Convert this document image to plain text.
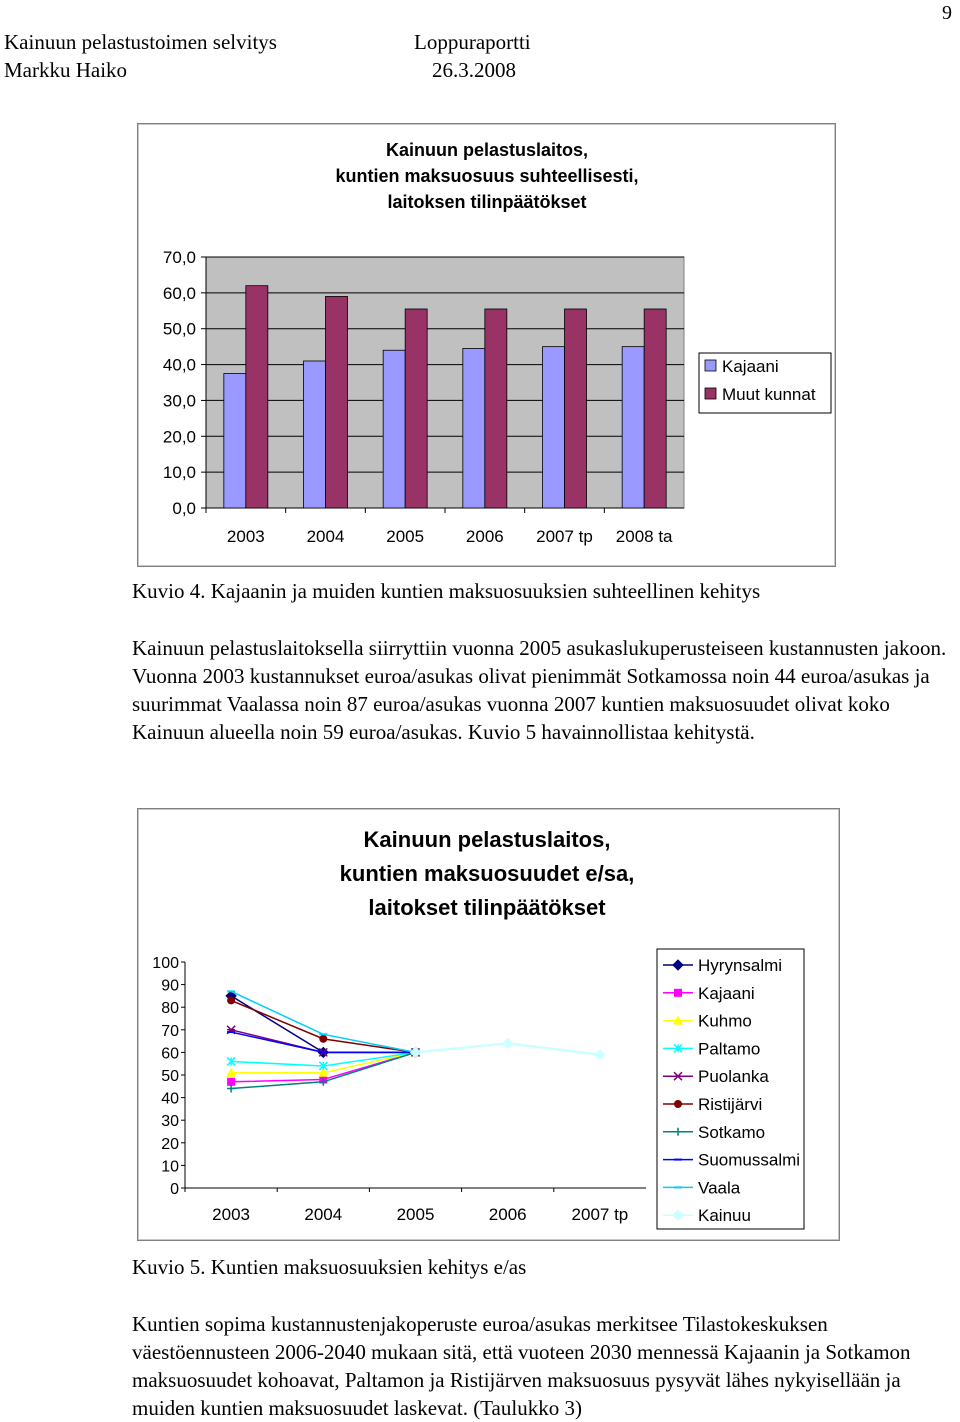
Kainuun pelastustoimen selvitys	Loppuraportti
Markku Haiko	26.3.2008
9
Kainuun pelastuslaitos,
kuntien maksuosuus suhteellisesti,
laitoksen tilinpäätökset
0,0
10,0
20,0
30,0
40,0
50,0
60,0
70,0
2003 2004 2005 2006 2007 tp 2008 ta
Kajaani
Muut kunnat
Kuvio 4. Kajaanin ja muiden kuntien maksuosuuksien suhteellinen kehitys
Kainuun pelastuslaitoksella siirryttiin vuonna 2005 asukaslukuperusteiseen kustannusten jakoon. Vuonna 2003 kustannukset euroa/asukas olivat pienimmät Sotkamossa noin 44 euroa/asukas ja suurimmat Vaalassa noin 87 euroa/asukas vuonna 2007 kuntien maksuosuudet olivat koko Kainuun alueella noin 59 euroa/asukas. Kuvio 5 havainnollistaa kehitystä.
Kainuun pelastuslaitos,
kuntien maksuosuudet e/sa,
laitokset tilinpäätökset
0
10
20
30
40
50
60
70
80
90
100
2003	2004	2005	2006	2007 tp
Hyrynsalmi
Kajaani
Kuhmo
Paltamo
Puolanka
Ristijärvi
Sotkamo
Suomussalmi
Vaala
Kainuu
Kuvio 5. Kuntien maksuosuuksien kehitys e/as
Kuntien sopima kustannustenjakoperuste euroa/asukas merkitsee Tilastokeskuksen väestöennusteen 2006-2040 mukaan sitä, että vuoteen 2030 mennessä Kajaanin ja Sotkamon maksuosuudet kohoavat, Paltamon ja Ristijärven maksuosuus pysyvät lähes nykyisellään ja muiden kuntien maksuosuudet laskevat. (Taulukko 3)
